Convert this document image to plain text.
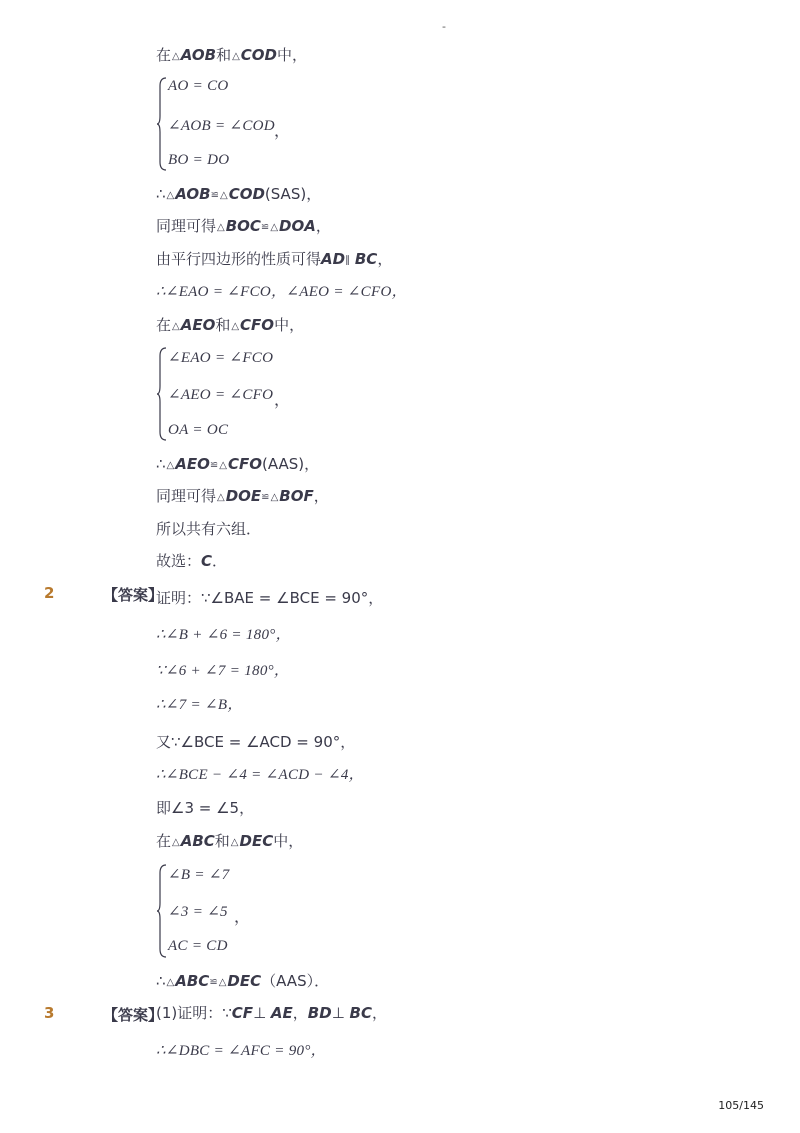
-
在△AOB和△COD中，
AO = CO
∠AOB = ∠COD
BO = DO
，
∴△AOB≌△COD(SAS)，
同理可得△BOC≌△DOA，
由平行四边形的性质可得AD∥ BC，
∴∠EAO = ∠FCO，∠AEO = ∠CFO，
在△AEO和△CFO中，
∠EAO = ∠FCO
∠AEO = ∠CFO
OA = OC
，
∴△AEO≌△CFO(AAS)，
同理可得△DOE≌△BOF，
所以共有六组．
故选：C．
2	【答案】
证明：∵∠BAE = ∠BCE = 90°，
∴∠B + ∠6 = 180°，
∵∠6 + ∠7 = 180°，
∴∠7 = ∠B，
又∵∠BCE = ∠ACD = 90°，
∴∠BCE − ∠4 = ∠ACD − ∠4，
即∠3 = ∠5，
在△ABC和△DEC中，
∠B = ∠7
∠3 = ∠5
AC = CD
，
∴△ABC≌△DEC（AAS）．
3	【答案】
(1)证明：∵CF⊥ AE，BD⊥ BC，
∴∠DBC = ∠AFC = 90°，
105/145
